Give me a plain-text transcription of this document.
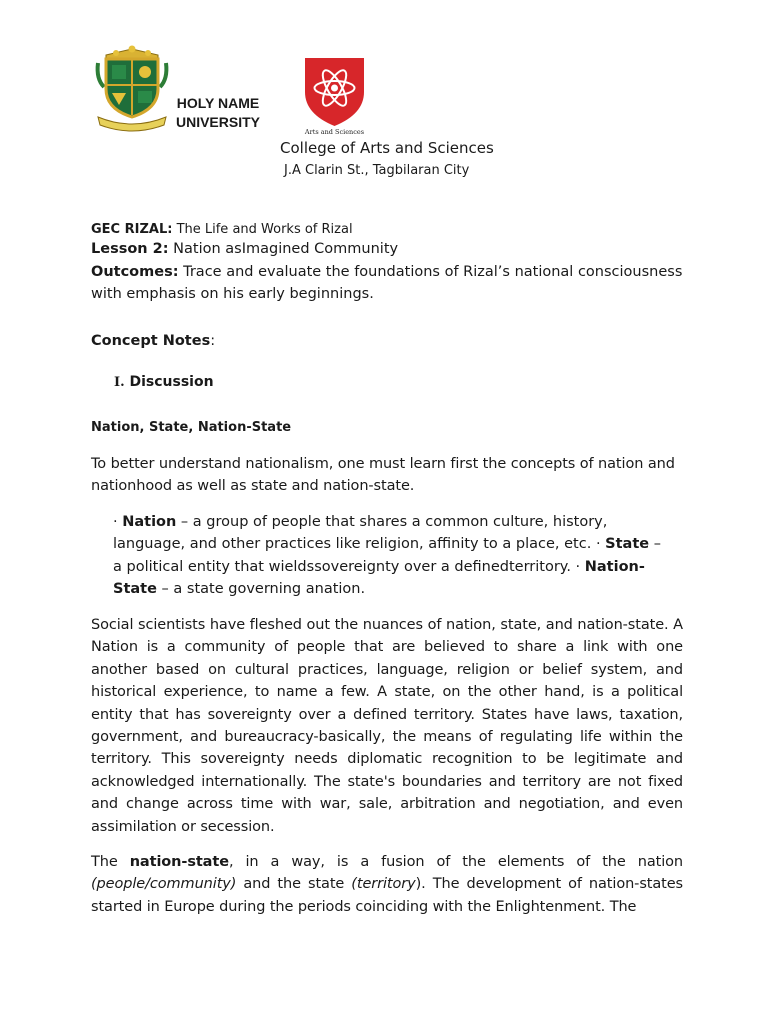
Arts and Sciences
HOLY NAME UNIVERSITY
College of Arts and Sciences
J.A Clarin St., Tagbilaran City
GEC RIZAL: The Life and Works of Rizal
Lesson 2: Nation asImagined Community
Outcomes: Trace and evaluate the foundations of Rizal’s national consciousness with emphasis on his early beginnings.
Concept Notes:
I. Discussion
Nation, State, Nation-State

To better understand nationalism, one must learn first the concepts of nation and nationhood as well as state and nation-state.

· Nation – a group of people that shares a common culture, history, language, and other practices like religion, affinity to a place, etc. · State – a political entity that wieldssovereignty over a definedterritory. · Nation-State – a state governing anation.

Social scientists have fleshed out the nuances of nation, state, and nation-state. A Nation is a community of people that are believed to share a link with one another based on cultural practices, language, religion or belief system, and historical experience, to name a few. A state, on the other hand, is a political entity that has sovereignty over a defined territory. States have laws, taxation, government, and bureaucracy-basically, the means of regulating life within the territory. This sovereignty needs diplomatic recognition to be legitimate and acknowledged internationally. The state's boundaries and territory are not fixed and change across time with war, sale, arbitration and negotiation, and even assimilation or secession.

The nation-state, in a way, is a fusion of the elements of the nation (people/community) and the state (territory). The development of nation-states started in Europe during the periods coinciding with the Enlightenment. The
